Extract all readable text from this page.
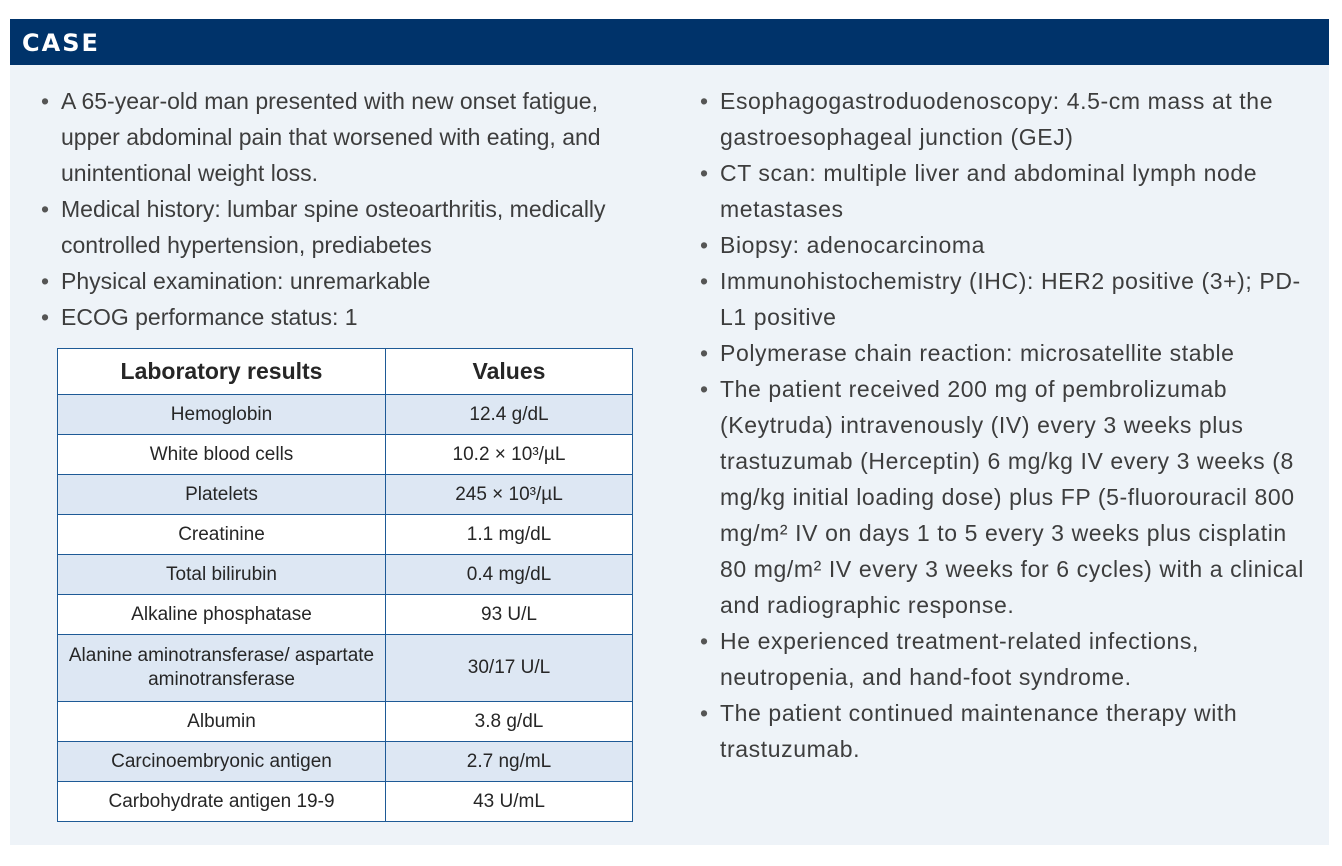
CASE
• A 65-year-old man presented with new onset fatigue, upper abdominal pain that worsened with eating, and unintentional weight loss.
• Medical history: lumbar spine osteoarthritis, medically controlled hypertension, prediabetes
• Physical examination: unremarkable
• ECOG performance status: 1
Laboratory results	Values
Hemoglobin	12.4 g/dL
White blood cells	10.2 × 10³/µL
Platelets	245 × 10³/µL
Creatinine	1.1 mg/dL
Total bilirubin	0.4 mg/dL
Alkaline phosphatase	93 U/L
Alanine aminotransferase/ aspartate aminotransferase	30/17 U/L
Albumin	3.8 g/dL
Carcinoembryonic antigen	2.7 ng/mL
Carbohydrate antigen 19-9	43 U/mL
• Esophagogastroduodenoscopy: 4.5-cm mass at the gastroesophageal junction (GEJ)
• CT scan: multiple liver and abdominal lymph node metastases
• Biopsy: adenocarcinoma
• Immunohistochemistry (IHC): HER2 positive (3+); PD-L1 positive
• Polymerase chain reaction: microsatellite stable
• The patient received 200 mg of pembrolizumab (Keytruda) intravenously (IV) every 3 weeks plus trastuzumab (Herceptin) 6 mg/kg IV every 3 weeks (8 mg/kg initial loading dose) plus FP (5-fluorouracil 800 mg/m² IV on days 1 to 5 every 3 weeks plus cisplatin 80 mg/m² IV every 3 weeks for 6 cycles) with a clinical and radiographic response.
• He experienced treatment-related infections, neutropenia, and hand-foot syndrome.
• The patient continued maintenance therapy with trastuzumab.
